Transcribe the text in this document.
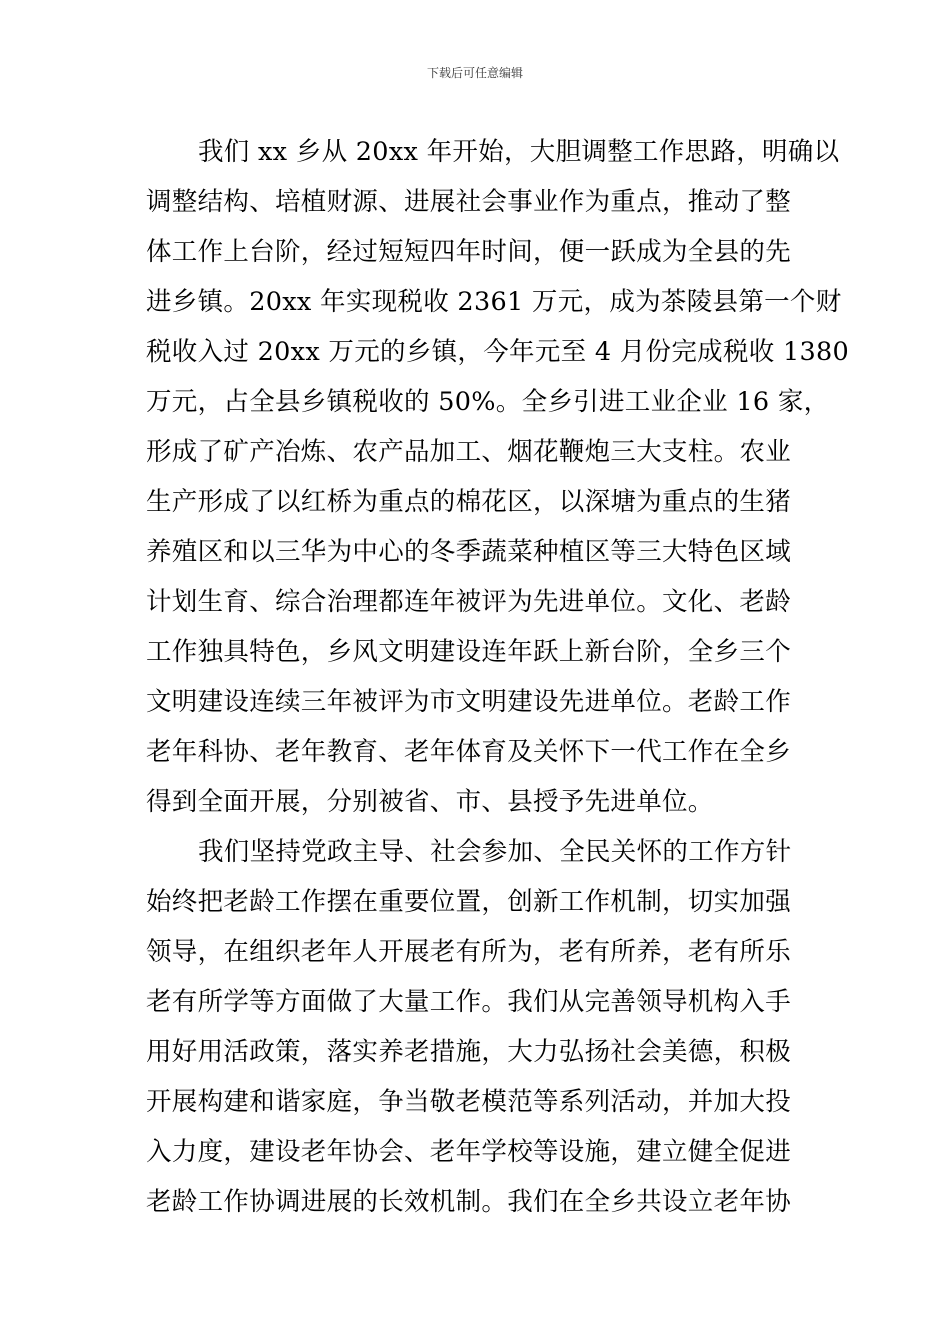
下载后可任意编辑
我们 xx 乡从 20xx 年开始，大胆调整工作思路，明确以
调整结构、培植财源、进展社会事业作为重点，推动了整
体工作上台阶，经过短短四年时间，便一跃成为全县的先
进乡镇。20xx 年实现税收 2361 万元，成为茶陵县第一个财
税收入过 20xx 万元的乡镇，今年元至 4 月份完成税收 1380
万元，占全县乡镇税收的 50%。全乡引进工业企业 16 家，
形成了矿产冶炼、农产品加工、烟花鞭炮三大支柱。农业
生产形成了以红桥为重点的棉花区，以深塘为重点的生猪
养殖区和以三华为中心的冬季蔬菜种植区等三大特色区域
计划生育、综合治理都连年被评为先进单位。文化、老龄
工作独具特色，乡风文明建设连年跃上新台阶，全乡三个
文明建设连续三年被评为市文明建设先进单位。老龄工作
老年科协、老年教育、老年体育及关怀下一代工作在全乡
得到全面开展，分别被省、市、县授予先进单位。
我们坚持党政主导、社会参加、全民关怀的工作方针
始终把老龄工作摆在重要位置，创新工作机制，切实加强
领导，在组织老年人开展老有所为，老有所养，老有所乐
老有所学等方面做了大量工作。我们从完善领导机构入手
用好用活政策，落实养老措施，大力弘扬社会美德，积极
开展构建和谐家庭，争当敬老模范等系列活动，并加大投
入力度，建设老年协会、老年学校等设施，建立健全促进
老龄工作协调进展的长效机制。我们在全乡共设立老年协
